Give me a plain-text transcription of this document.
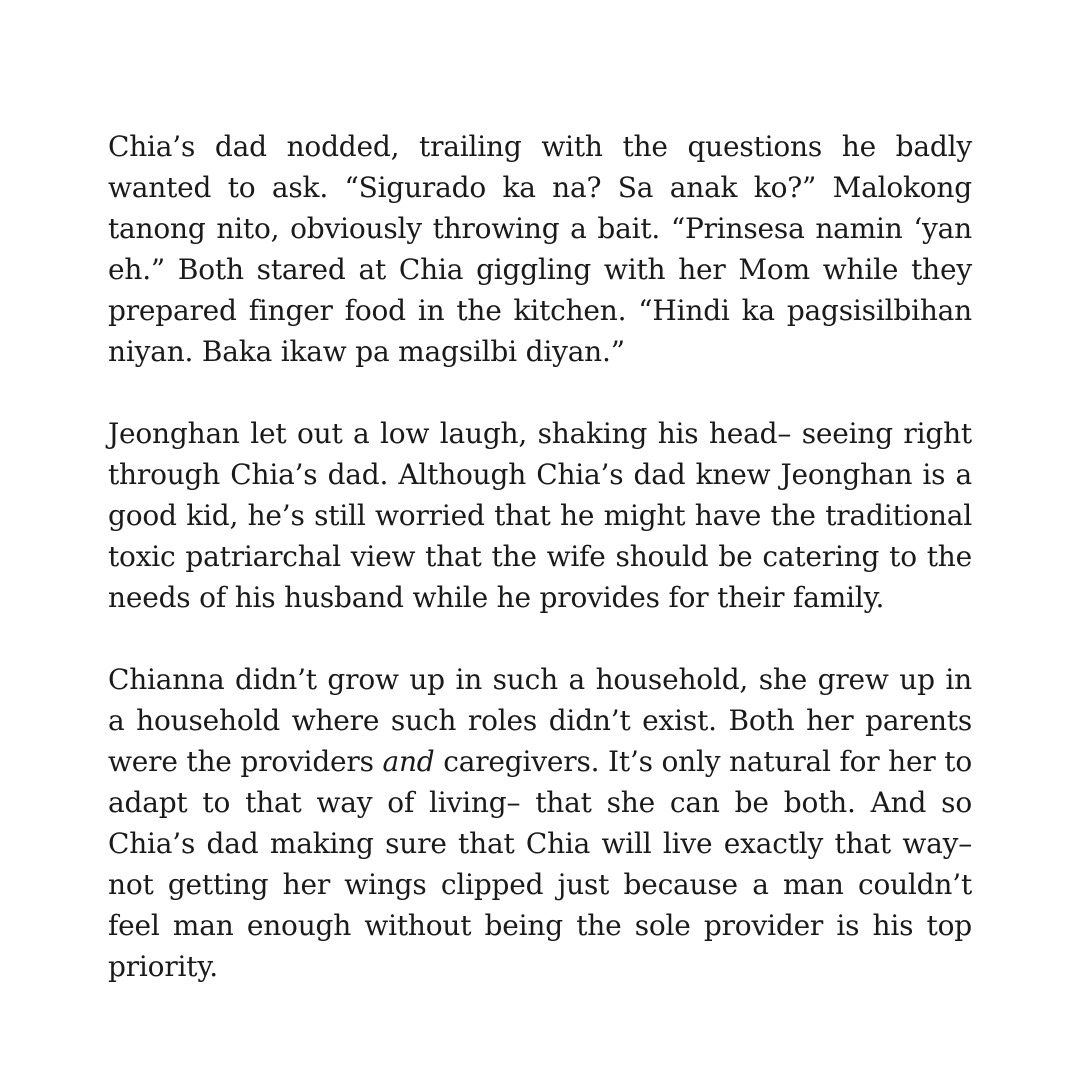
Chia’s dad nodded, trailing with the questions he badly wanted to ask. “Sigurado ka na? Sa anak ko?” Malokong tanong nito, obviously throwing a bait. “Prinsesa namin ‘yan eh.” Both stared at Chia giggling with her Mom while they prepared finger food in the kitchen. “Hindi ka pagsisilbihan niyan. Baka ikaw pa magsilbi diyan.”

Jeonghan let out a low laugh, shaking his head– seeing right through Chia’s dad. Although Chia’s dad knew Jeonghan is a good kid, he’s still worried that he might have the traditional toxic patriarchal view that the wife should be catering to the needs of his husband while he provides for their family.

Chianna didn’t grow up in such a household, she grew up in a household where such roles didn’t exist. Both her parents were the providers and caregivers. It’s only natural for her to adapt to that way of living– that she can be both. And so Chia’s dad making sure that Chia will live exactly that way– not getting her wings clipped just because a man couldn’t feel man enough without being the sole provider is his top priority.
